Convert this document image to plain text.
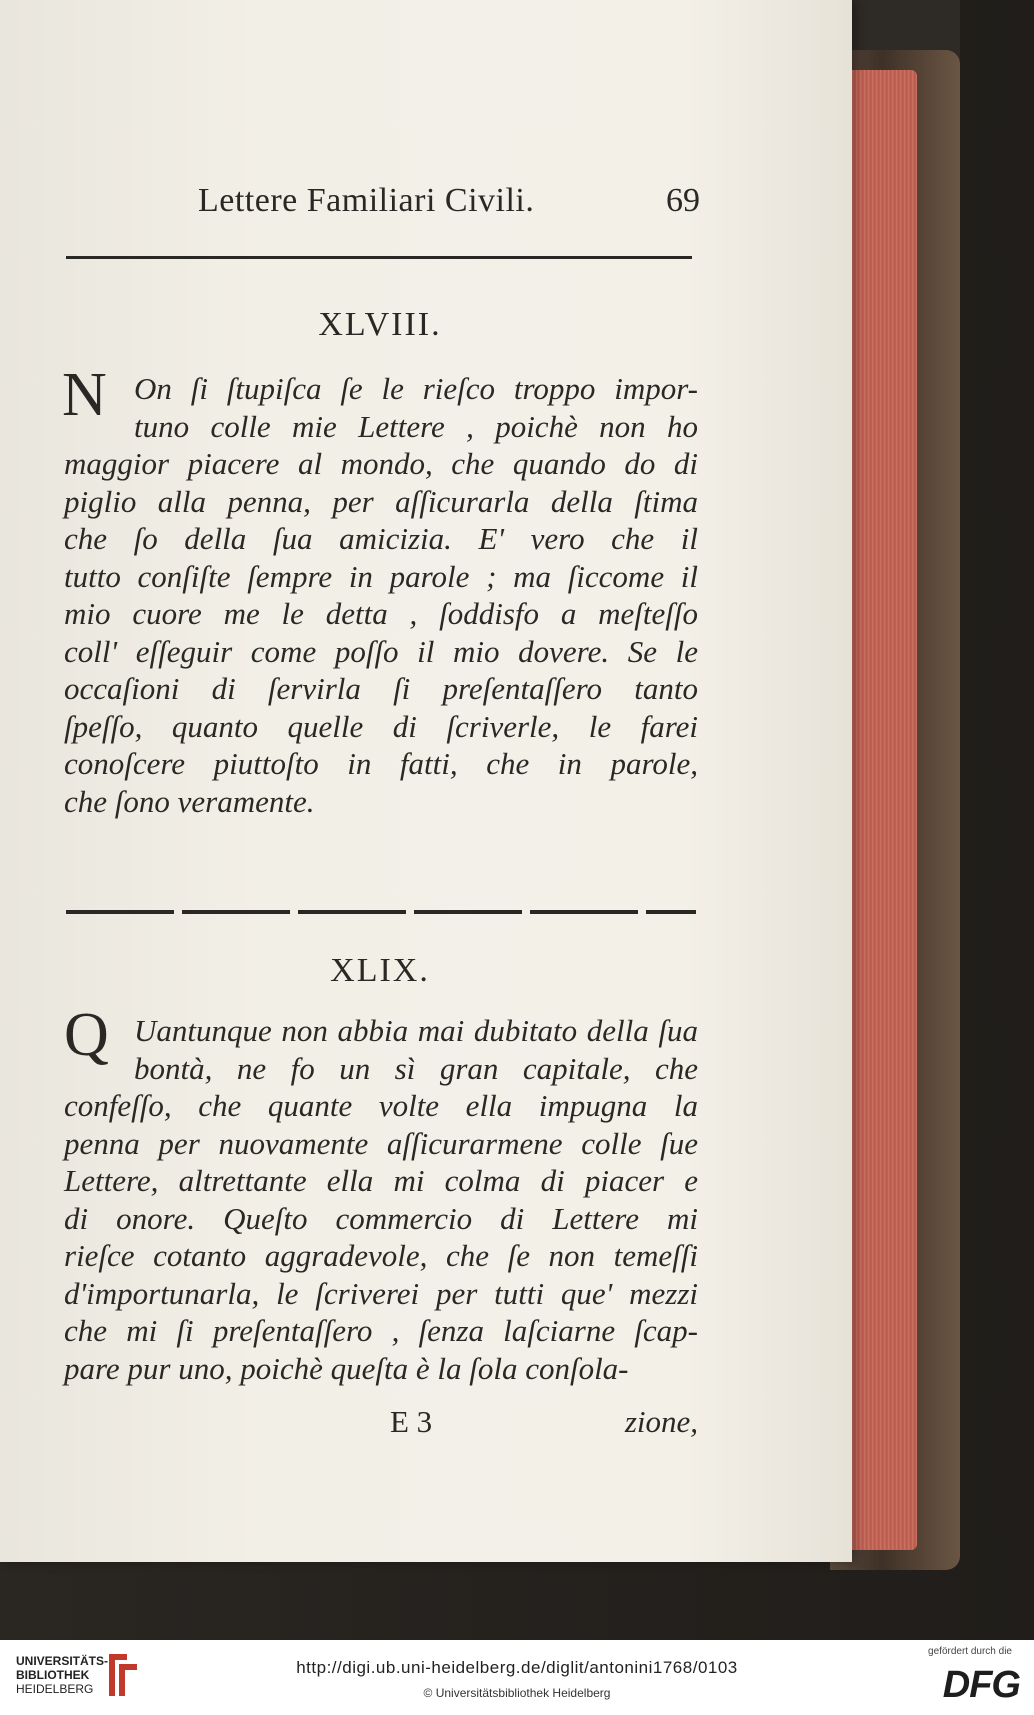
Lettere Familiari Civili.	69
XLVIII.
N On ſi ſtupiſca ſe le rieſco troppo impor-
tuno colle mie Lettere , poichè non ho
maggior piacere al mondo, che quando do di
piglio alla penna, per aſſicurarla della ſtima
che ſo della ſua amicizia. E' vero che il
tutto conſiſte ſempre in parole ; ma ſiccome il
mio cuore me le detta , ſoddisfo a meſteſſo
coll' eſſeguir come poſſo il mio dovere. Se le
occaſioni di ſervirla ſi preſentaſſero tanto
ſpeſſo, quanto quelle di ſcriverle, le farei
conoſcere piuttoſto in fatti, che in parole,
che ſono veramente.
XLIX.
Q Uantunque non abbia mai dubitato della ſua
bontà, ne fo un sì gran capitale, che
confeſſo, che quante volte ella impugna la
penna per nuovamente aſſicurarmene colle ſue
Lettere, altrettante ella mi colma di piacer e
di onore. Queſto commercio di Lettere mi
rieſce cotanto aggradevole, che ſe non temeſſi
d'importunarla, le ſcriverei per tutti que' mezzi
che mi ſi preſentaſſero , ſenza laſciarne ſcap-
pare pur uno, poichè queſta è la ſola conſola-
E 3	zione,
UNIVERSITÄTS-
BIBLIOTHEK
HEIDELBERG
http://digi.ub.uni-heidelberg.de/diglit/antonini1768/0103
© Universitätsbibliothek Heidelberg
gefördert durch die
DFG
